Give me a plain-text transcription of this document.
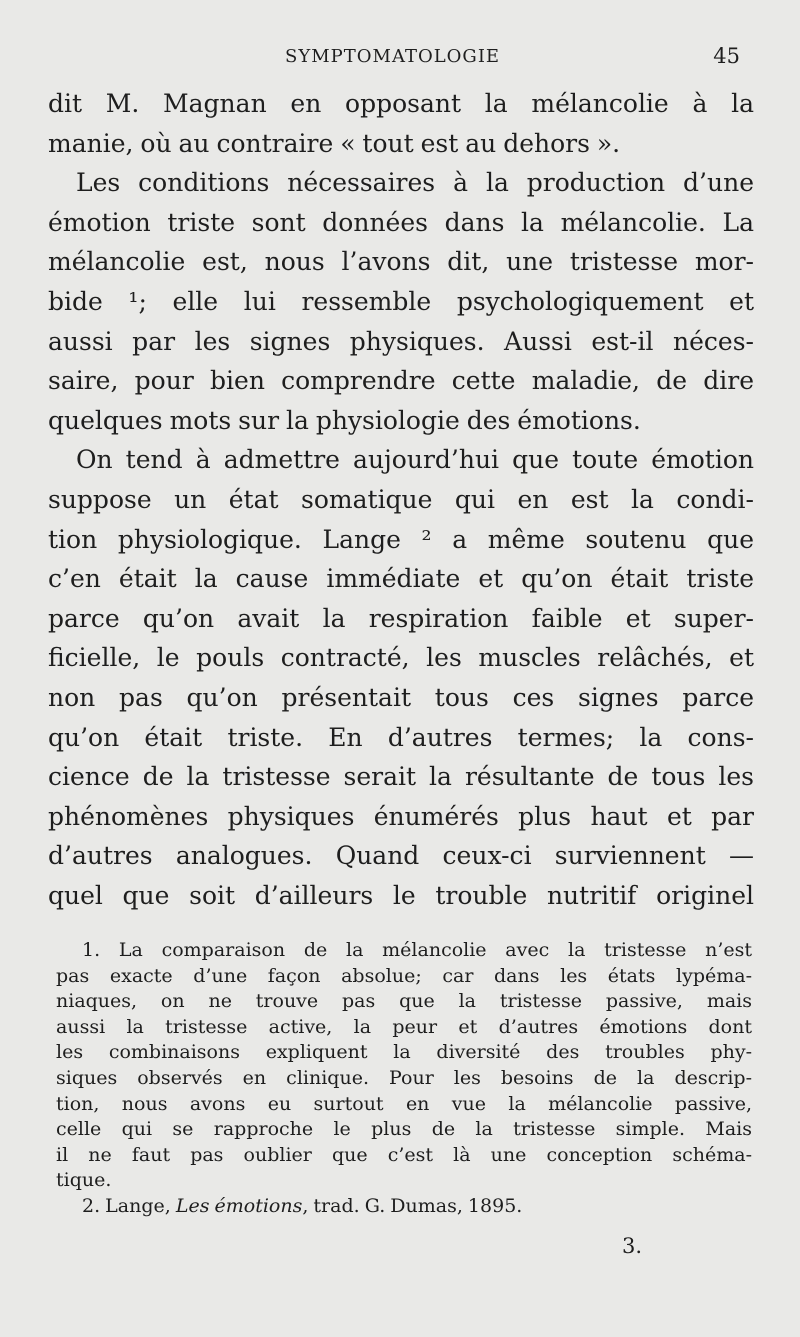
SYMPTOMATOLOGIE	45
dit M. Magnan en opposant la mélancolie à la
manie, où au contraire « tout est au dehors ».
Les conditions nécessaires à la production d’une
émotion triste sont données dans la mélancolie. La
mélancolie est, nous l’avons dit, une tristesse mor-
bide ¹; elle lui ressemble psychologiquement et
aussi par les signes physiques. Aussi est-il néces-
saire, pour bien comprendre cette maladie, de dire
quelques mots sur la physiologie des émotions.
On tend à admettre aujourd’hui que toute émotion
suppose un état somatique qui en est la condi-
tion physiologique. Lange ² a même soutenu que
c’en était la cause immédiate et qu’on était triste
parce qu’on avait la respiration faible et super-
ficielle, le pouls contracté, les muscles relâchés, et
non pas qu’on présentait tous ces signes parce
qu’on était triste. En d’autres termes; la cons-
cience de la tristesse serait la résultante de tous les
phénomènes physiques énumérés plus haut et par
d’autres analogues. Quand ceux-ci surviennent —
quel que soit d’ailleurs le trouble nutritif originel
1. La comparaison de la mélancolie avec la tristesse n’est
pas exacte d’une façon absolue; car dans les états lypéma-
niaques, on ne trouve pas que la tristesse passive, mais
aussi la tristesse active, la peur et d’autres émotions dont
les combinaisons expliquent la diversité des troubles phy-
siques observés en clinique. Pour les besoins de la descrip-
tion, nous avons eu surtout en vue la mélancolie passive,
celle qui se rapproche le plus de la tristesse simple. Mais
il ne faut pas oublier que c’est là une conception schéma-
tique.
2. Lange, Les émotions, trad. G. Dumas, 1895.
3.
